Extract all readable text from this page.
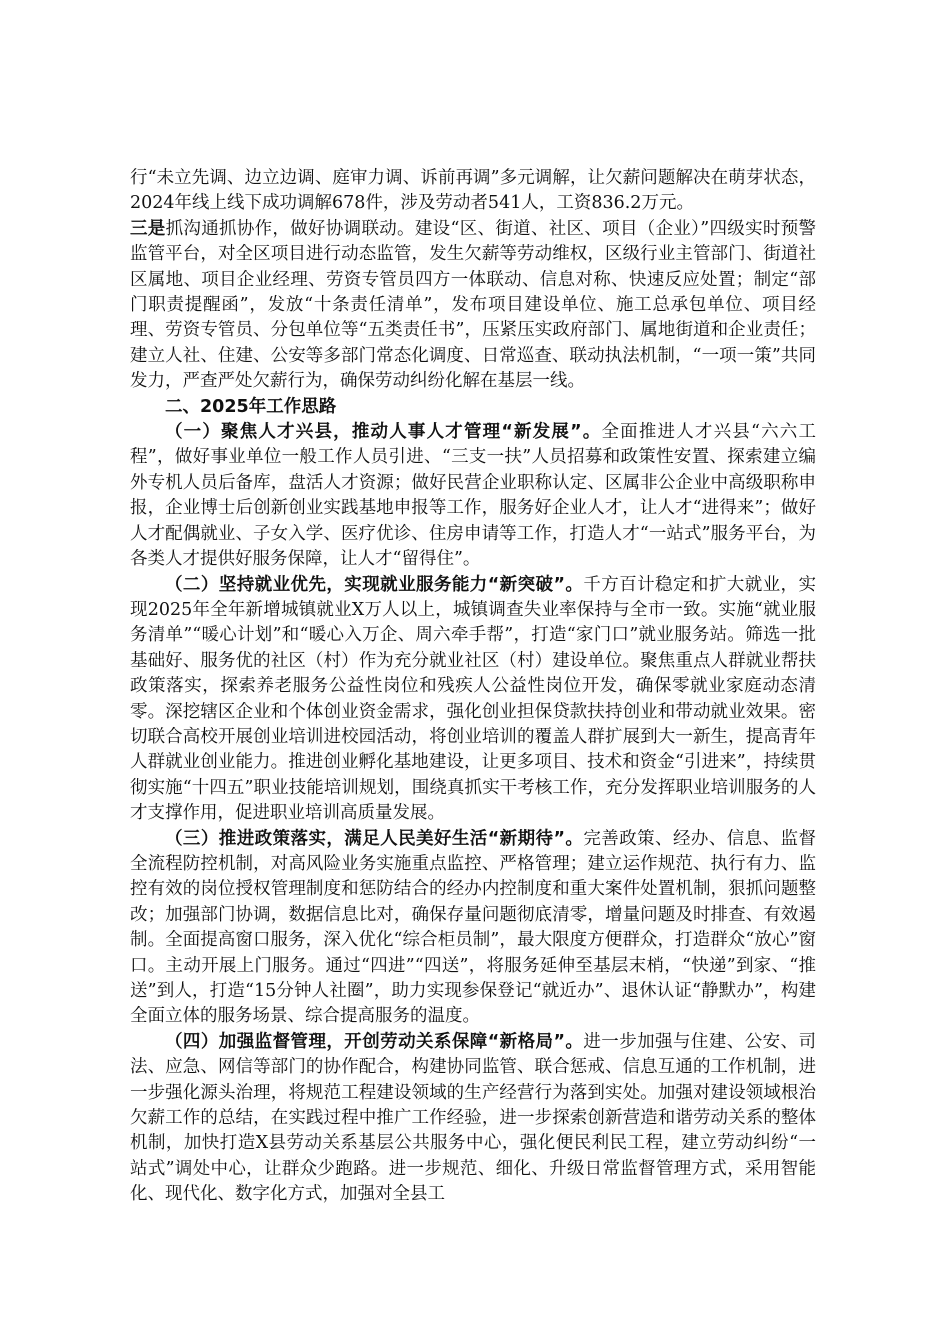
行“未立先调、边立边调、庭审力调、诉前再调”多元调解，让欠薪问题解决在萌芽状态，2024年线上线下成功调解678件，涉及劳动者541人，工资836.2万元。

三是抓沟通抓协作，做好协调联动。建设“区、街道、社区、项目（企业）”四级实时预警监管平台，对全区项目进行动态监管，发生欠薪等劳动维权，区级行业主管部门、街道社区属地、项目企业经理、劳资专管员四方一体联动、信息对称、快速反应处置；制定“部门职责提醒函”，发放“十条责任清单”，发布项目建设单位、施工总承包单位、项目经理、劳资专管员、分包单位等“五类责任书”，压紧压实政府部门、属地街道和企业责任；建立人社、住建、公安等多部门常态化调度、日常巡查、联动执法机制，“一项一策”共同发力，严查严处欠薪行为，确保劳动纠纷化解在基层一线。

二、2025年工作思路

（一）聚焦人才兴县，推动人事人才管理“新发展”。全面推进人才兴县“六六工程”，做好事业单位一般工作人员引进、“三支一扶”人员招募和政策性安置、探索建立编外专机人员后备库，盘活人才资源；做好民营企业职称认定、区属非公企业中高级职称申报，企业博士后创新创业实践基地申报等工作，服务好企业人才，让人才“进得来”；做好人才配偶就业、子女入学、医疗优诊、住房申请等工作，打造人才“一站式”服务平台，为各类人才提供好服务保障，让人才“留得住”。

（二）坚持就业优先，实现就业服务能力“新突破”。千方百计稳定和扩大就业，实现2025年全年新增城镇就业X万人以上，城镇调查失业率保持与全市一致。实施“就业服务清单”“暖心计划”和“暖心入万企、周六牵手帮”，打造“家门口”就业服务站。筛选一批基础好、服务优的社区（村）作为充分就业社区（村）建设单位。聚焦重点人群就业帮扶政策落实，探索养老服务公益性岗位和残疾人公益性岗位开发，确保零就业家庭动态清零。深挖辖区企业和个体创业资金需求，强化创业担保贷款扶持创业和带动就业效果。密切联合高校开展创业培训进校园活动，将创业培训的覆盖人群扩展到大一新生，提高青年人群就业创业能力。推进创业孵化基地建设，让更多项目、技术和资金“引进来”，持续贯彻实施“十四五”职业技能培训规划，围绕真抓实干考核工作，充分发挥职业培训服务的人才支撑作用，促进职业培训高质量发展。

（三）推进政策落实，满足人民美好生活“新期待”。完善政策、经办、信息、监督全流程防控机制，对高风险业务实施重点监控、严格管理；建立运作规范、执行有力、监控有效的岗位授权管理制度和惩防结合的经办内控制度和重大案件处置机制，狠抓问题整改；加强部门协调，数据信息比对，确保存量问题彻底清零，增量问题及时排查、有效遏制。全面提高窗口服务，深入优化“综合柜员制”，最大限度方便群众，打造群众“放心”窗口。主动开展上门服务。通过“四进”“四送”，将服务延伸至基层末梢，“快递”到家、“推送”到人，打造“15分钟人社圈”，助力实现参保登记“就近办”、退休认证“静默办”，构建全面立体的服务场景、综合提高服务的温度。

（四）加强监督管理，开创劳动关系保障“新格局”。进一步加强与住建、公安、司法、应急、网信等部门的协作配合，构建协同监管、联合惩戒、信息互通的工作机制，进一步强化源头治理，将规范工程建设领域的生产经营行为落到实处。加强对建设领域根治欠薪工作的总结，在实践过程中推广工作经验，进一步探索创新营造和谐劳动关系的整体机制，加快打造X县劳动关系基层公共服务中心，强化便民利民工程，建立劳动纠纷“一站式”调处中心，让群众少跑路。进一步规范、细化、升级日常监督管理方式，采用智能化、现代化、数字化方式，加强对全县工
